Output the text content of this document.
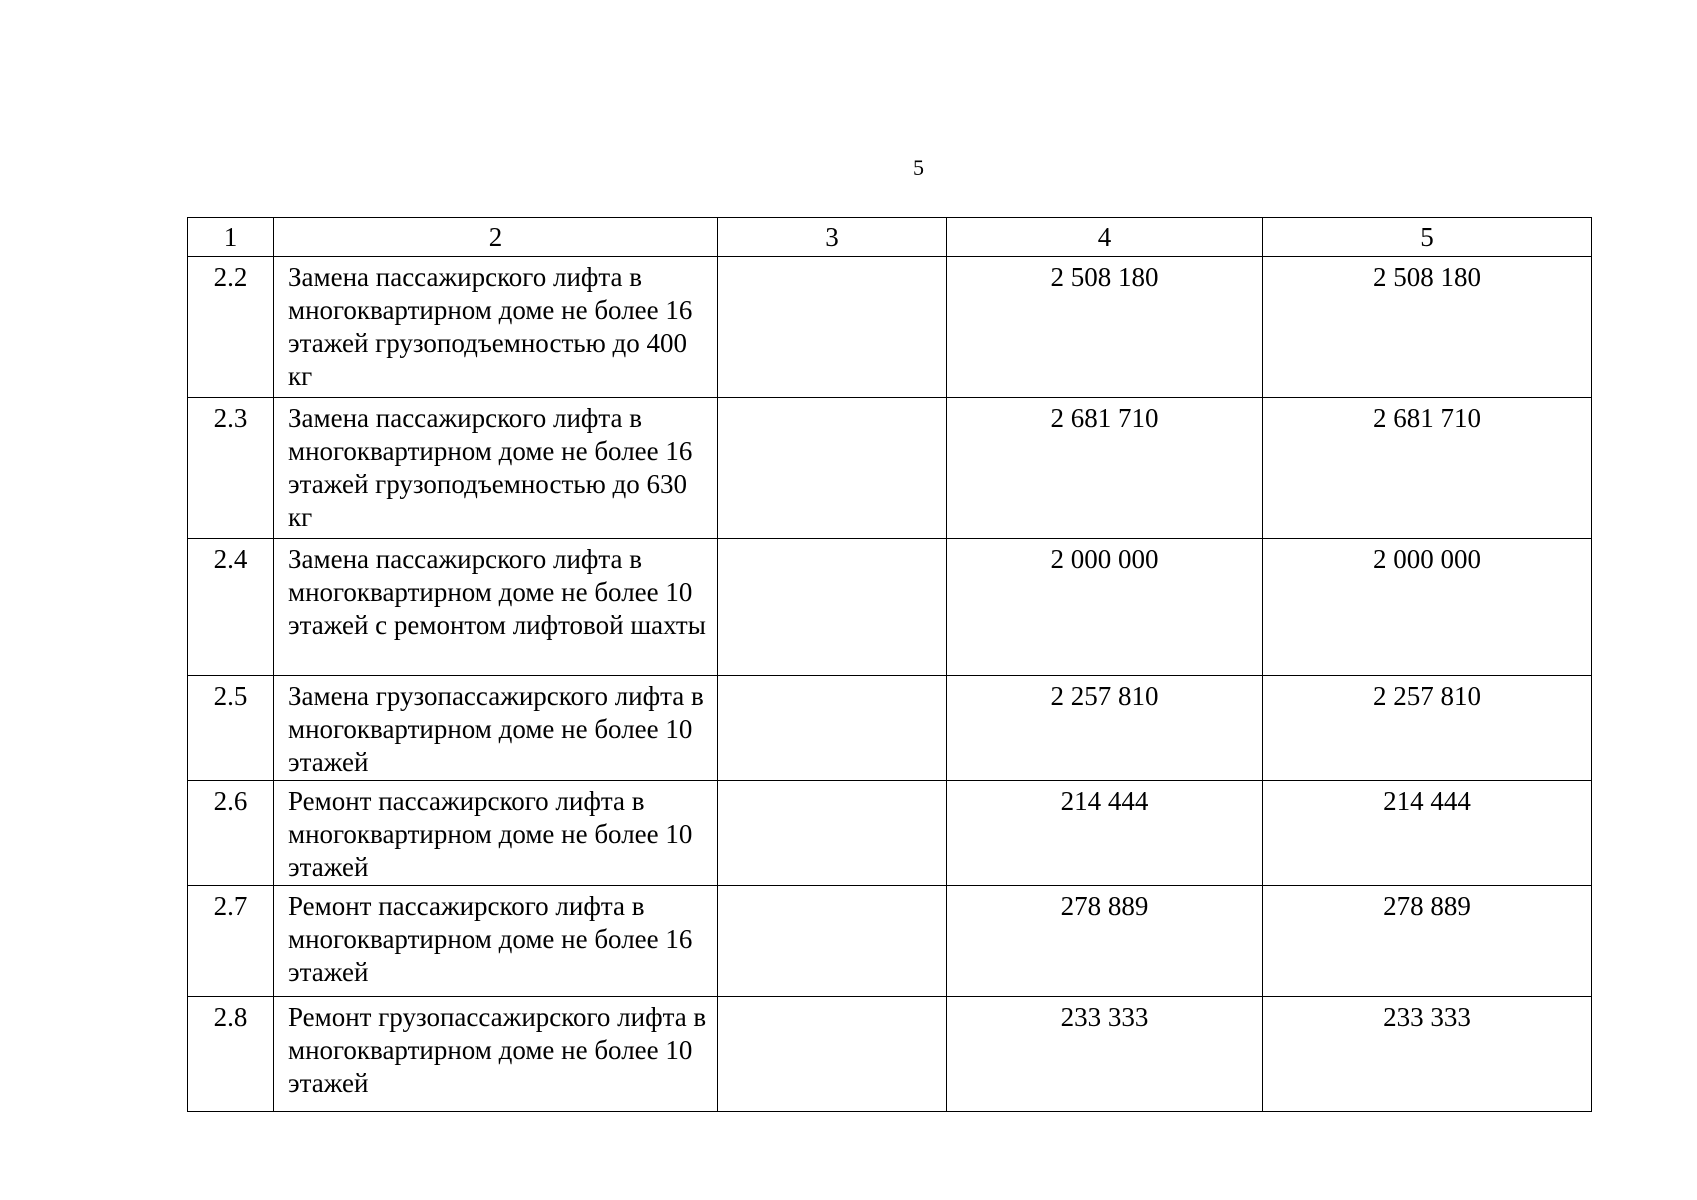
5
1	2	3	4	5
2.2	Замена пассажирского лифта в многоквартирном доме не более 16 этажей грузоподъемностью до 400 кг		2 508 180	2 508 180
2.3	Замена пассажирского лифта в многоквартирном доме не более 16 этажей грузоподъемностью до 630 кг		2 681 710	2 681 710
2.4	Замена пассажирского лифта в многоквартирном доме не более 10 этажей с ремонтом лифтовой шахты		2 000 000	2 000 000
2.5	Замена грузопассажирского лифта в многоквартирном доме не более 10 этажей		2 257 810	2 257 810
2.6	Ремонт пассажирского лифта в многоквартирном доме не более 10 этажей		214 444	214 444
2.7	Ремонт пассажирского лифта в многоквартирном доме не более 16 этажей		278 889	278 889
2.8	Ремонт грузопассажирского лифта в многоквартирном доме не более 10 этажей		233 333	233 333
